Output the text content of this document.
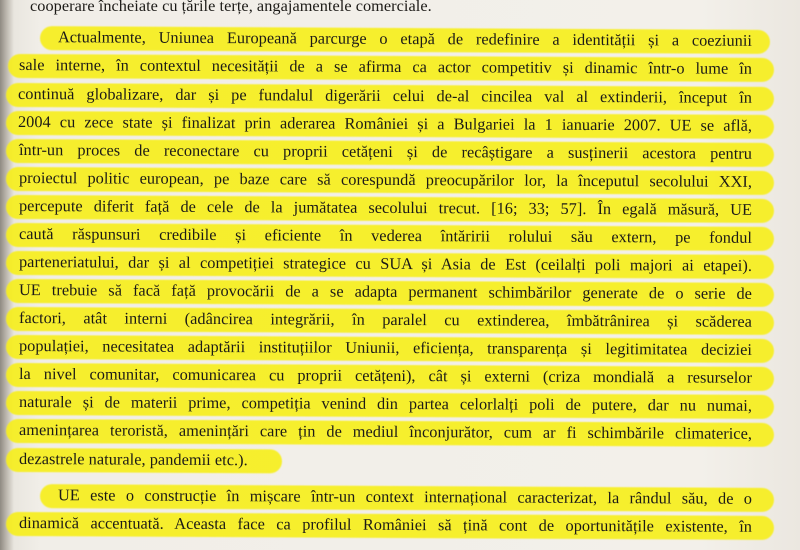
cooperare încheiate cu țările terțe, angajamentele comerciale.
Actualmente, Uniunea Europeană parcurge o etapă de redefinire a identității și a coeziunii
sale interne, în contextul necesității de a se afirma ca actor competitiv și dinamic într-o lume în
continuă globalizare, dar și pe fundalul digerării celui de-al cincilea val al extinderii, început în
2004 cu zece state și finalizat prin aderarea României și a Bulgariei la 1 ianuarie 2007. UE se află,
într-un proces de reconectare cu proprii cetățeni și de recâștigare a susținerii acestora pentru
proiectul politic european, pe baze care să corespundă preocupărilor lor, la începutul secolului XXI,
percepute diferit față de cele de la jumătatea secolului trecut. [16; 33; 57]. În egală măsură, UE
caută răspunsuri credibile și eficiente în vederea întăririi rolului său extern, pe fondul
parteneriatului, dar și al competiției strategice cu SUA și Asia de Est (ceilalți poli majori ai etapei).
UE trebuie să facă față provocării de a se adapta permanent schimbărilor generate de o serie de
factori, atât interni (adâncirea integrării, în paralel cu extinderea, îmbătrânirea și scăderea
populației, necesitatea adaptării instituțiilor Uniunii, eficiența, transparența și legitimitatea deciziei
la nivel comunitar, comunicarea cu proprii cetățeni), cât și externi (criza mondială a resurselor
naturale și de materii prime, competiția venind din partea celorlalți poli de putere, dar nu numai,
amenințarea teroristă, amenințări care țin de mediul înconjurător, cum ar fi schimbările climaterice,
dezastrele naturale, pandemii etc.).
UE este o construcție în mișcare într-un context internațional caracterizat, la rândul său, de o
dinamică accentuată. Aceasta face ca profilul României să țină cont de oportunitățile existente, în
